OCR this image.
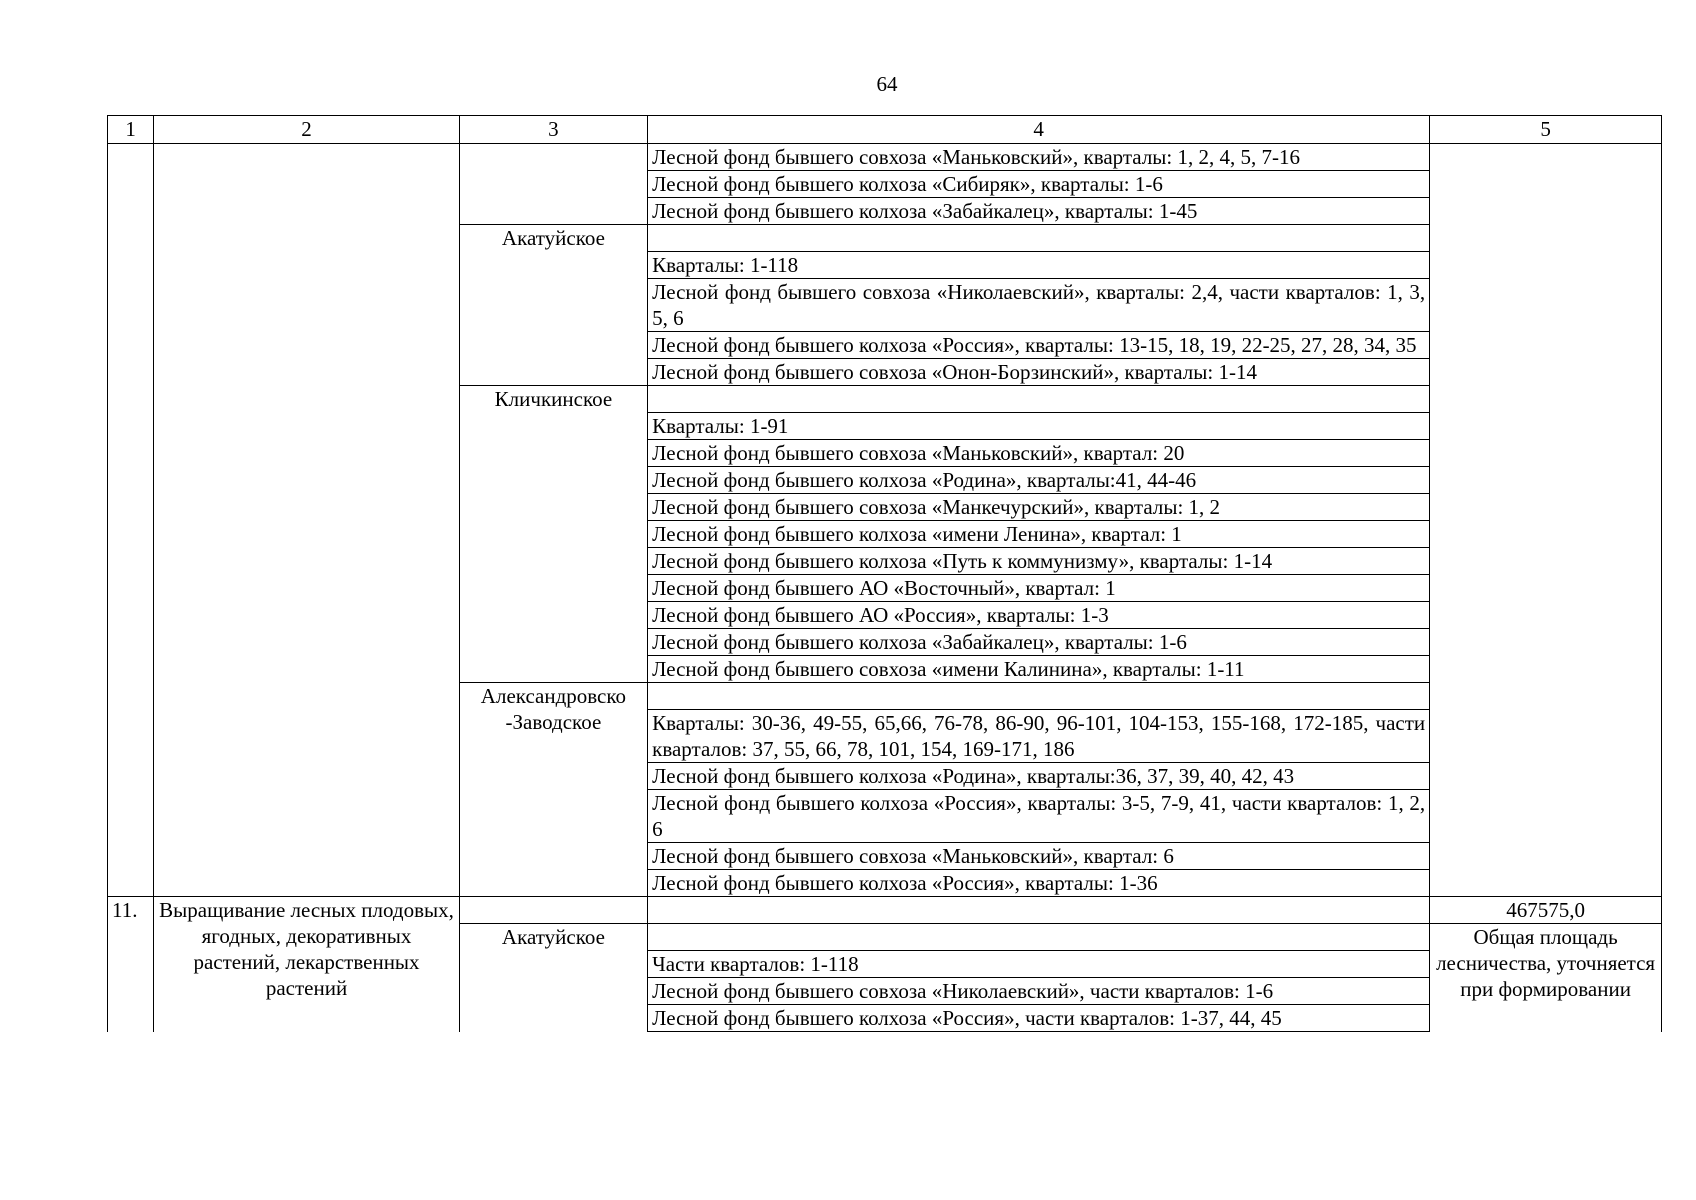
64
1	2	3	4	5
			Лесной фонд бывшего совхоза «Маньковский», кварталы: 1, 2, 4, 5, 7-16	
			Лесной фонд бывшего колхоза «Сибиряк», кварталы: 1-6	
			Лесной фонд бывшего колхоза «Забайкалец», кварталы: 1-45	
		Акатуйское		
			Кварталы: 1-118	
			Лесной фонд бывшего совхоза «Николаевский», кварталы: 2,4, части кварталов: 1, 3, 5, 6	
			Лесной фонд бывшего колхоза «Россия», кварталы: 13-15, 18, 19, 22-25, 27, 28, 34, 35	
			Лесной фонд бывшего совхоза «Онон-Борзинский», кварталы: 1-14	
		Кличкинское		
			Кварталы: 1-91	
			Лесной фонд бывшего совхоза «Маньковский», квартал: 20	
			Лесной фонд бывшего колхоза «Родина», кварталы:41, 44-46	
			Лесной фонд бывшего совхоза «Манкечурский», кварталы: 1, 2	
			Лесной фонд бывшего колхоза «имени Ленина», квартал: 1	
			Лесной фонд бывшего колхоза «Путь к коммунизму», кварталы: 1-14	
			Лесной фонд бывшего АО «Восточный», квартал: 1	
			Лесной фонд бывшего АО «Россия», кварталы: 1-3	
			Лесной фонд бывшего колхоза «Забайкалец», кварталы: 1-6	
			Лесной фонд бывшего совхоза «имени Калинина», кварталы: 1-11	
		Александровско -Заводское		
			Кварталы: 30-36, 49-55, 65,66, 76-78, 86-90, 96-101, 104-153, 155-168, 172-185, части кварталов: 37, 55, 66, 78, 101, 154, 169-171, 186	
			Лесной фонд бывшего колхоза «Родина», кварталы:36, 37, 39, 40, 42, 43	
			Лесной фонд бывшего колхоза «Россия», кварталы: 3-5, 7-9, 41, части кварталов: 1, 2, 6	
			Лесной фонд бывшего совхоза «Маньковский», квартал: 6	
			Лесной фонд бывшего колхоза «Россия», кварталы: 1-36	
11.	Выращивание лесных плодовых, ягодных, декоративных растений, лекарственных растений			467575,0
		Акатуйское		Общая площадь лесничества, уточняется при формировании
			Части кварталов: 1-118	
			Лесной фонд бывшего совхоза «Николаевский», части кварталов: 1-6	
			Лесной фонд бывшего колхоза «Россия», части кварталов: 1-37, 44, 45	
